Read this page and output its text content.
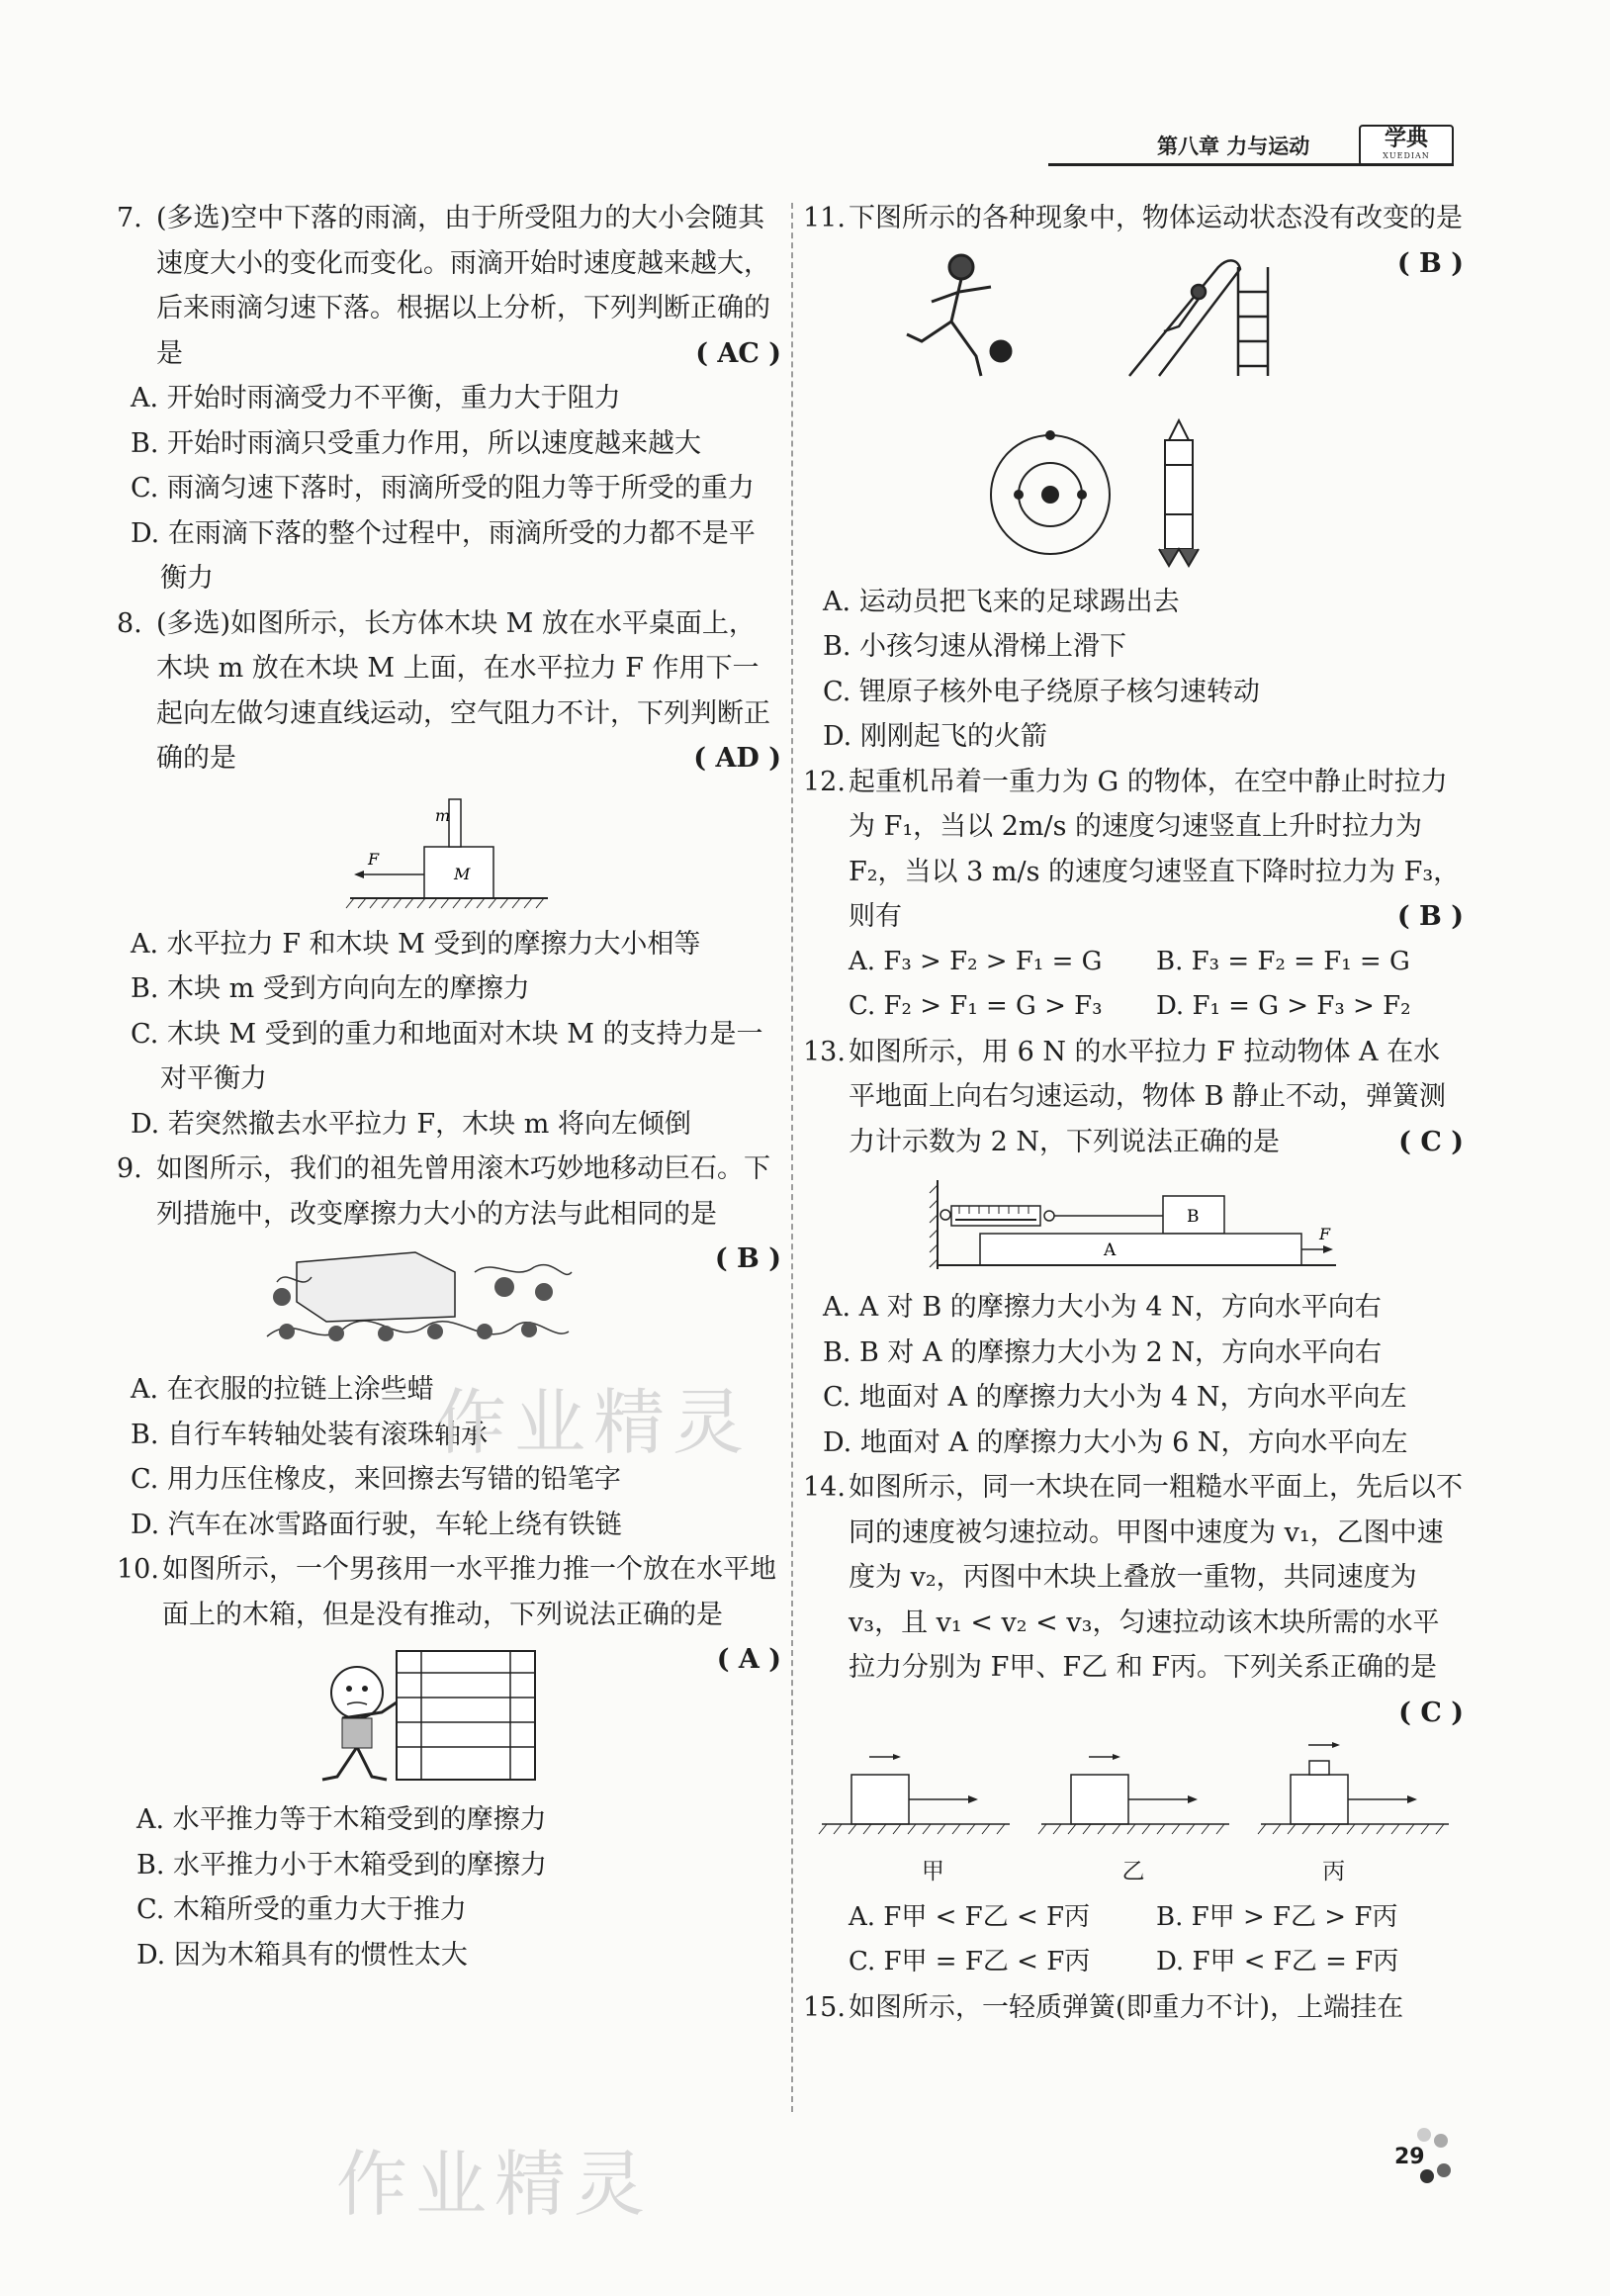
第八章 力与运动	学典
XUEDIAN
7. (多选)空中下落的雨滴，由于所受阻力的大小会随其速度大小的变化而变化。雨滴开始时速度越来越大，后来雨滴匀速下落。根据以上分析，下列判断正确的是	( AC )
A. 开始时雨滴受力不平衡，重力大于阻力
B. 开始时雨滴只受重力作用，所以速度越来越大
C. 雨滴匀速下落时，雨滴所受的阻力等于所受的重力
D. 在雨滴下落的整个过程中，雨滴所受的力都不是平衡力
8. (多选)如图所示，长方体木块 M 放在水平桌面上，木块 m 放在木块 M 上面，在水平拉力 F 作用下一起向左做匀速直线运动，空气阻力不计，下列判断正确的是	( AD )
F
m
M
A. 水平拉力 F 和木块 M 受到的摩擦力大小相等
B. 木块 m 受到方向向左的摩擦力
C. 木块 M 受到的重力和地面对木块 M 的支持力是一对平衡力
D. 若突然撤去水平拉力 F，木块 m 将向左倾倒
9. 如图所示，我们的祖先曾用滚木巧妙地移动巨石。下列措施中，改变摩擦力大小的方法与此相同的是
( B )
A. 在衣服的拉链上涂些蜡
B. 自行车转轴处装有滚珠轴承
C. 用力压住橡皮，来回擦去写错的铅笔字
D. 汽车在冰雪路面行驶，车轮上绕有铁链
10. 如图所示，一个男孩用一水平推力推一个放在水平地面上的木箱，但是没有推动，下列说法正确的是
( A )
A. 水平推力等于木箱受到的摩擦力
B. 水平推力小于木箱受到的摩擦力
C. 木箱所受的重力大于推力
D. 因为木箱具有的惯性太大
11. 下图所示的各种现象中，物体运动状态没有改变的是
( B )
A. 运动员把飞来的足球踢出去
B. 小孩匀速从滑梯上滑下
C. 锂原子核外电子绕原子核匀速转动
D. 刚刚起飞的火箭
12. 起重机吊着一重力为 G 的物体，在空中静止时拉力为 F₁，当以 2m/s 的速度匀速竖直上升时拉力为 F₂，当以 3 m/s 的速度匀速竖直下降时拉力为 F₃，则有	( B )
A. F₃ > F₂ > F₁ = G	B. F₃ = F₂ = F₁ = G
C. F₂ > F₁ = G > F₃	D. F₁ = G > F₃ > F₂
13. 如图所示，用 6 N 的水平拉力 F 拉动物体 A 在水平地面上向右匀速运动，物体 B 静止不动，弹簧测力计示数为 2 N，下列说法正确的是	( C )
B
A
F
A. A 对 B 的摩擦力大小为 4 N，方向水平向右
B. B 对 A 的摩擦力大小为 2 N，方向水平向右
C. 地面对 A 的摩擦力大小为 4 N，方向水平向左
D. 地面对 A 的摩擦力大小为 6 N，方向水平向左
14. 如图所示，同一木块在同一粗糙水平面上，先后以不同的速度被匀速拉动。甲图中速度为 v₁，乙图中速度为 v₂，丙图中木块上叠放一重物，共同速度为 v₃，且 v₁ < v₂ < v₃，匀速拉动该木块所需的水平拉力分别为 F甲、F乙 和 F丙。下列关系正确的是
( C )
甲	乙	丙
A. F甲 < F乙 < F丙	B. F甲 > F乙 > F丙
C. F甲 = F乙 < F丙	D. F甲 < F乙 = F丙
15. 如图所示，一轻质弹簧(即重力不计)，上端挂在
作业精灵
作业精灵	29
